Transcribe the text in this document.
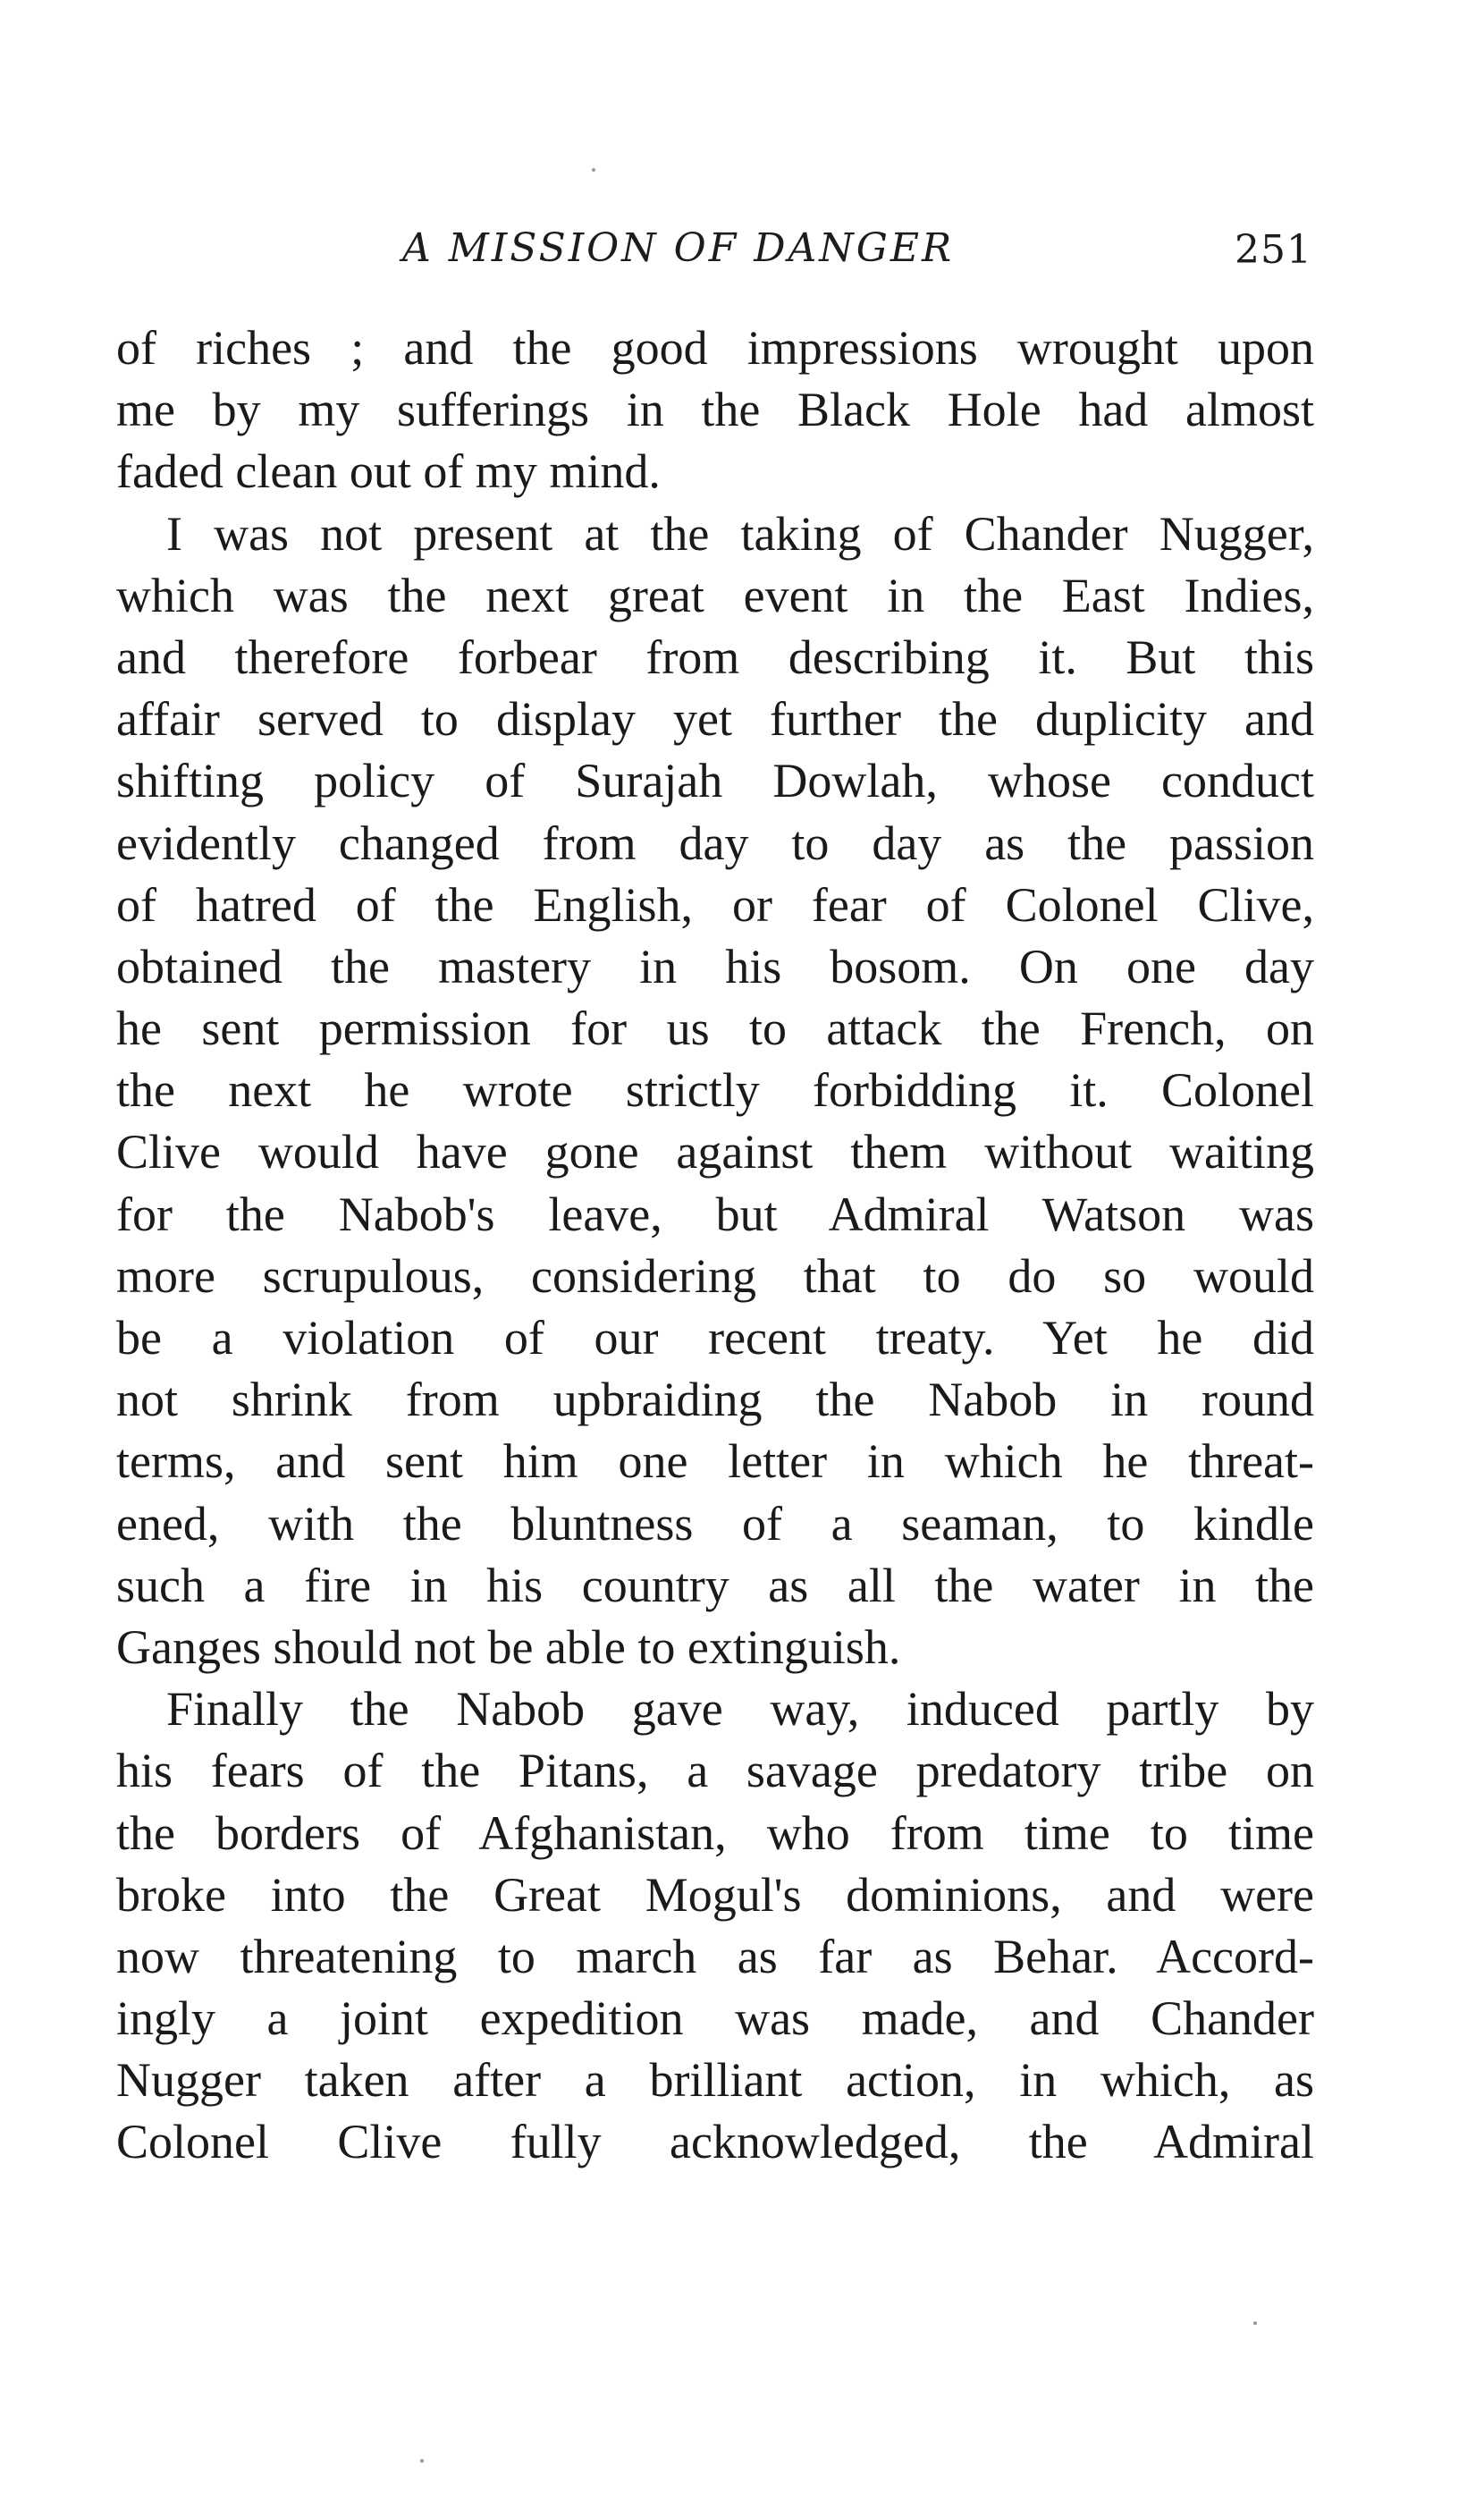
A MISSION OF DANGER	251
of riches ; and the good impressions wrought upon
me by my sufferings in the Black Hole had almost
faded clean out of my mind.
I was not present at the taking of Chander Nugger,
which was the next great event in the East Indies,
and therefore forbear from describing it. But this
affair served to display yet further the duplicity and
shifting policy of Surajah Dowlah, whose conduct
evidently changed from day to day as the passion
of hatred of the English, or fear of Colonel Clive,
obtained the mastery in his bosom. On one day
he sent permission for us to attack the French, on
the next he wrote strictly forbidding it. Colonel
Clive would have gone against them without waiting
for the Nabob's leave, but Admiral Watson was
more scrupulous, considering that to do so would
be a violation of our recent treaty. Yet he did
not shrink from upbraiding the Nabob in round
terms, and sent him one letter in which he threat-
ened, with the bluntness of a seaman, to kindle
such a fire in his country as all the water in the
Ganges should not be able to extinguish.
Finally the Nabob gave way, induced partly by
his fears of the Pitans, a savage predatory tribe on
the borders of Afghanistan, who from time to time
broke into the Great Mogul's dominions, and were
now threatening to march as far as Behar. Accord-
ingly a joint expedition was made, and Chander
Nugger taken after a brilliant action, in which, as
Colonel Clive fully acknowledged, the Admiral
